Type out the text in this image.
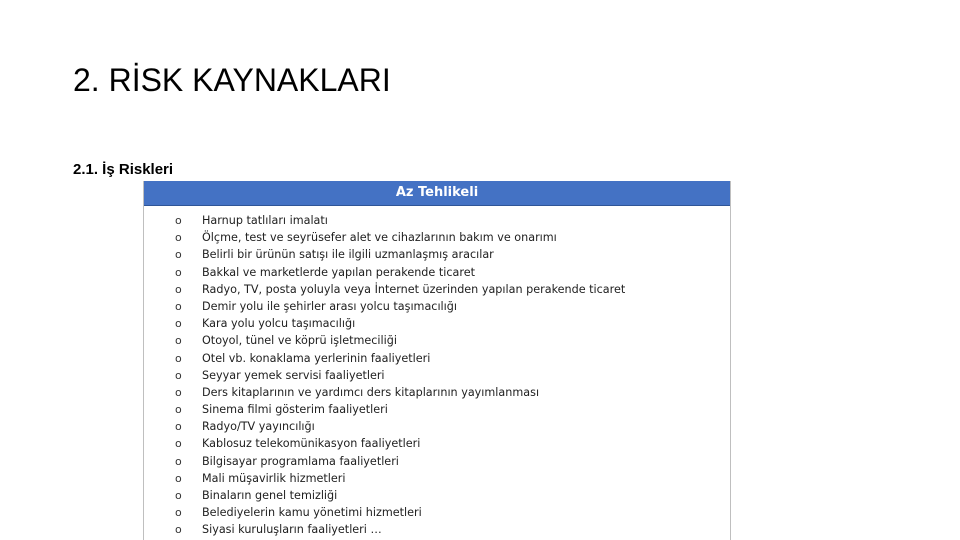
2. RİSK KAYNAKLARI
2.1. İş Riskleri
Az Tehlikeli
o Harnup tatlıları imalatı
o Ölçme, test ve seyrüsefer alet ve cihazlarının bakım ve onarımı
o Belirli bir ürünün satışı ile ilgili uzmanlaşmış aracılar
o Bakkal ve marketlerde yapılan perakende ticaret
o Radyo, TV, posta yoluyla veya İnternet üzerinden yapılan perakende ticaret
o Demir yolu ile şehirler arası yolcu taşımacılığı
o Kara yolu yolcu taşımacılığı
o Otoyol, tünel ve köprü işletmeciliği
o Otel vb. konaklama yerlerinin faaliyetleri
o Seyyar yemek servisi faaliyetleri
o Ders kitaplarının ve yardımcı ders kitaplarının yayımlanması
o Sinema filmi gösterim faaliyetleri
o Radyo/TV yayıncılığı
o Kablosuz telekomünikasyon faaliyetleri
o Bilgisayar programlama faaliyetleri
o Mali müşavirlik hizmetleri
o Binaların genel temizliği
o Belediyelerin kamu yönetimi hizmetleri
o Siyasi kuruluşların faaliyetleri …
